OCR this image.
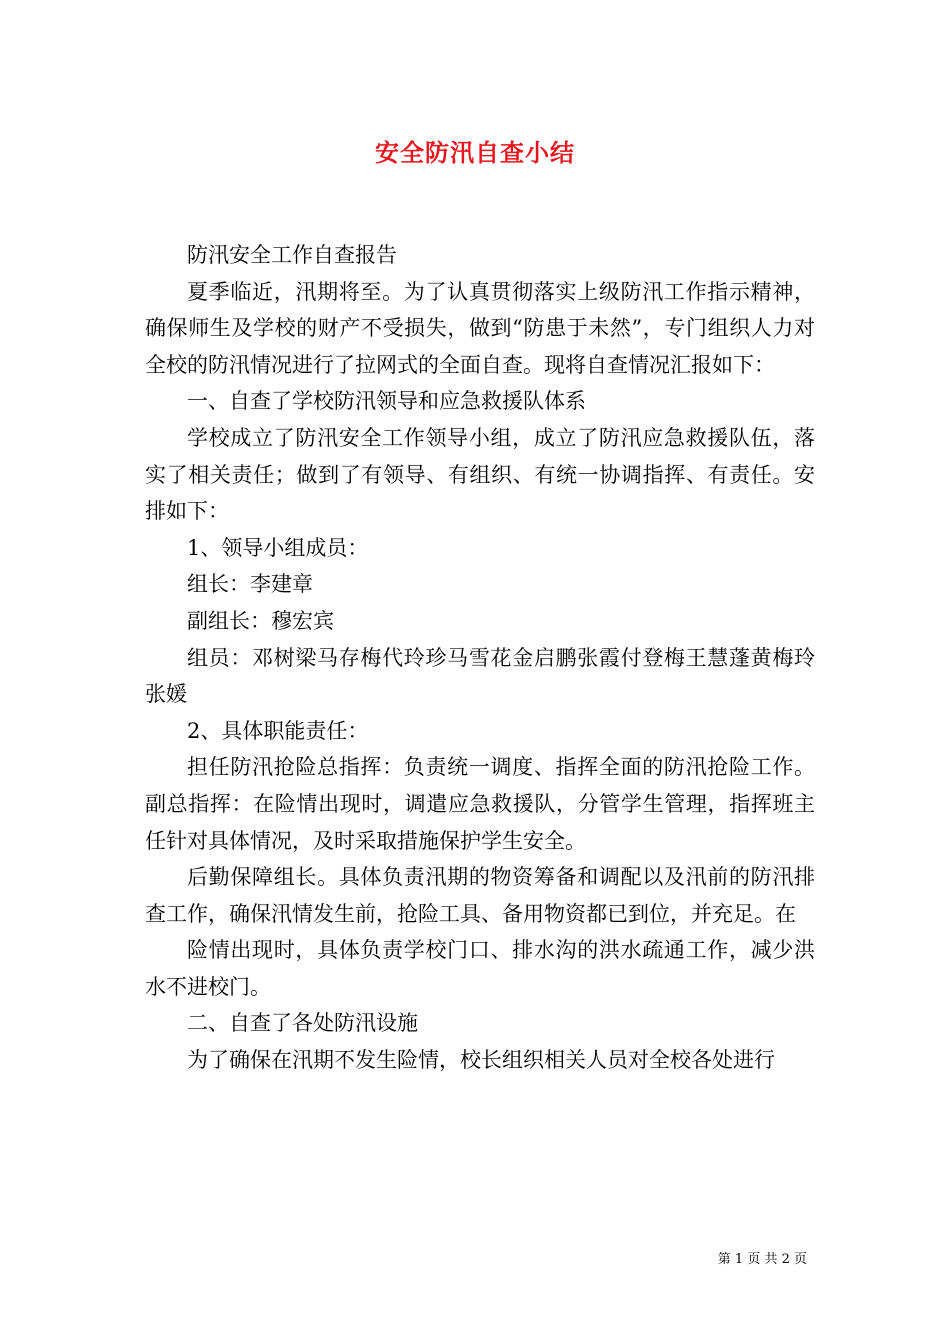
安全防汛自查小结

防汛安全工作自查报告

夏季临近，汛期将至。为了认真贯彻落实上级防汛工作指示精神，确保师生及学校的财产不受损失，做到“防患于未然”，专门组织人力对全校的防汛情况进行了拉网式的全面自查。现将自查情况汇报如下：

一、自查了学校防汛领导和应急救援队体系

学校成立了防汛安全工作领导小组，成立了防汛应急救援队伍，落实了相关责任；做到了有领导、有组织、有统一协调指挥、有责任。安排如下：

1、领导小组成员：

组长：李建章

副组长：穆宏宾

组员：邓树梁马存梅代玲珍马雪花金启鹏张霞付登梅王慧蓬黄梅玲张媛

2、具体职能责任：

担任防汛抢险总指挥：负责统一调度、指挥全面的防汛抢险工作。副总指挥：在险情出现时，调遣应急救援队，分管学生管理，指挥班主任针对具体情况，及时采取措施保护学生安全。

后勤保障组长。具体负责汛期的物资筹备和调配以及汛前的防汛排查工作，确保汛情发生前，抢险工具、备用物资都已到位，并充足。在

险情出现时，具体负责学校门口、排水沟的洪水疏通工作，减少洪水不进校门。

二、自查了各处防汛设施

为了确保在汛期不发生险情，校长组织相关人员对全校各处进行

第 1 页 共 2 页
